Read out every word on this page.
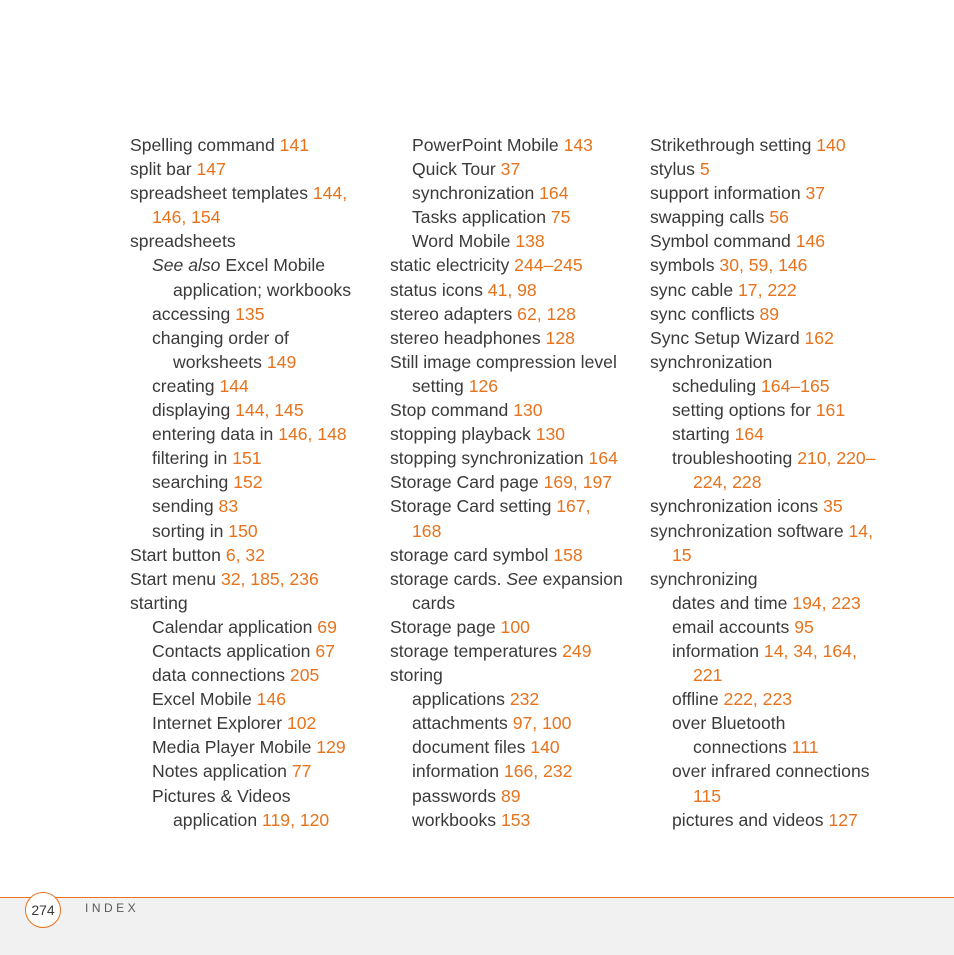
Spelling command 141
split bar 147
spreadsheet templates 144,
146, 154
spreadsheets
See also Excel Mobile
application; workbooks
accessing 135
changing order of
worksheets 149
creating 144
displaying 144, 145
entering data in 146, 148
filtering in 151
searching 152
sending 83
sorting in 150
Start button 6, 32
Start menu 32, 185, 236
starting
Calendar application 69
Contacts application 67
data connections 205
Excel Mobile 146
Internet Explorer 102
Media Player Mobile 129
Notes application 77
Pictures & Videos
application 119, 120
PowerPoint Mobile 143
Quick Tour 37
synchronization 164
Tasks application 75
Word Mobile 138
static electricity 244–245
status icons 41, 98
stereo adapters 62, 128
stereo headphones 128
Still image compression level
setting 126
Stop command 130
stopping playback 130
stopping synchronization 164
Storage Card page 169, 197
Storage Card setting 167,
168
storage card symbol 158
storage cards. See expansion
cards
Storage page 100
storage temperatures 249
storing
applications 232
attachments 97, 100
document files 140
information 166, 232
passwords 89
workbooks 153
Strikethrough setting 140
stylus 5
support information 37
swapping calls 56
Symbol command 146
symbols 30, 59, 146
sync cable 17, 222
sync conflicts 89
Sync Setup Wizard 162
synchronization
scheduling 164–165
setting options for 161
starting 164
troubleshooting 210, 220–
224, 228
synchronization icons 35
synchronization software 14,
15
synchronizing
dates and time 194, 223
email accounts 95
information 14, 34, 164,
221
offline 222, 223
over Bluetooth
connections 111
over infrared connections
115
pictures and videos 127
274	INDEX
